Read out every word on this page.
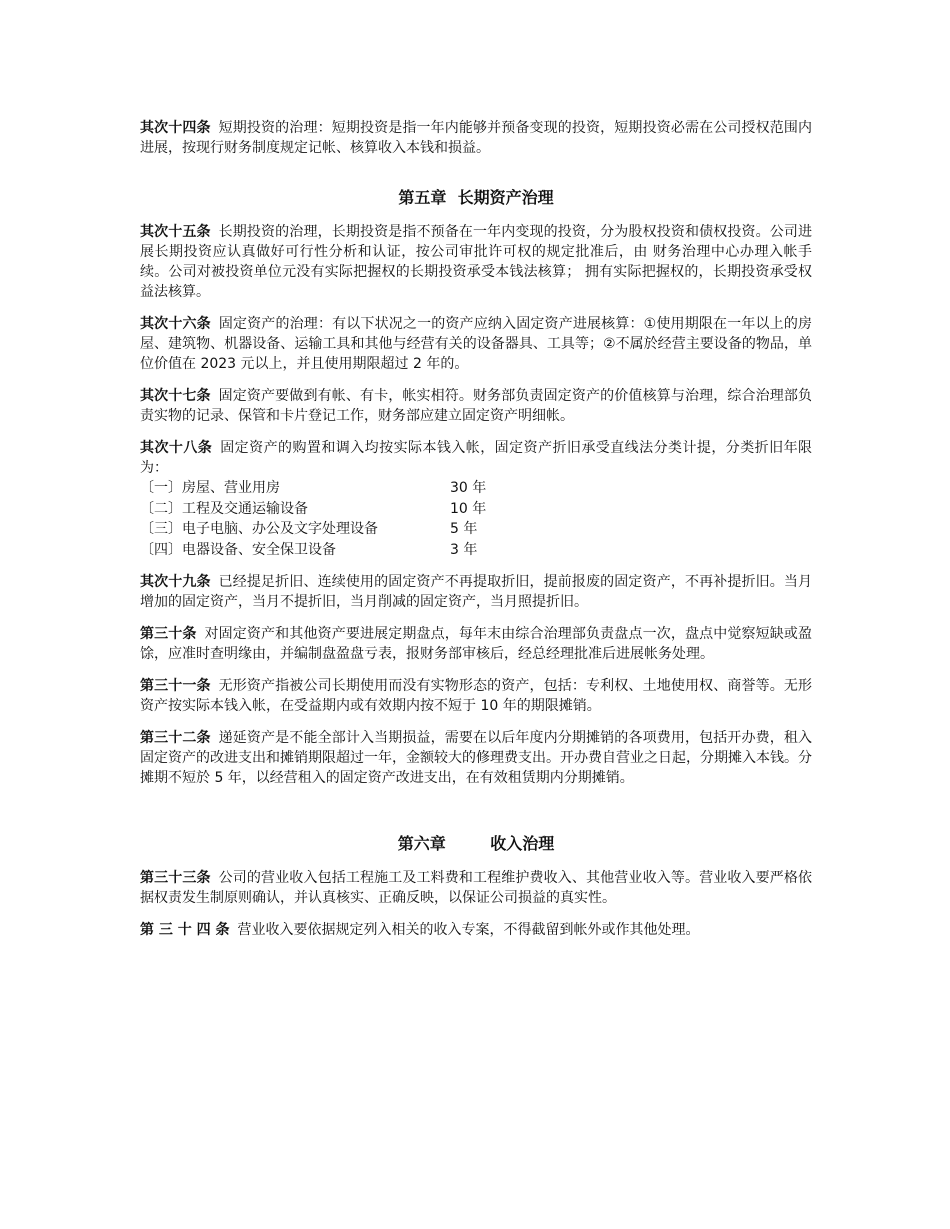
其次十四条 短期投资的治理：短期投资是指一年内能够并预备变现的投资，短期投资必需在公司授权范围内进展，按现行财务制度规定记帐、核算收入本钱和损益。

第五章  长期资产治理

其次十五条 长期投资的治理，长期投资是指不预备在一年内变现的投资，分为股权投资和债权投资。公司进展长期投资应认真做好可行性分析和认证，按公司审批许可权的规定批准后，由 财务治理中心办理入帐手续。公司对被投资单位元没有实际把握权的长期投资承受本钱法核算； 拥有实际把握权的，长期投资承受权益法核算。

其次十六条 固定资产的治理：有以下状况之一的资产应纳入固定资产进展核算：①使用期限在一年以上的房屋、建筑物、机器设备、运输工具和其他与经营有关的设备器具、工具等；②不属於经营主要设备的物品，单位价值在 2023 元以上，并且使用期限超过 2 年的。

其次十七条 固定资产要做到有帐、有卡，帐实相符。财务部负责固定资产的价值核算与治理，综合治理部负责实物的记录、保管和卡片登记工作，财务部应建立固定资产明细帐。

其次十八条 固定资产的购置和调入均按实际本钱入帐，固定资产折旧承受直线法分类计提，分类折旧年限为：
〔一〕房屋、营业用房	30 年
〔二〕工程及交通运输设备	10 年
〔三〕电子电脑、办公及文字处理设备	5 年
〔四〕电器设备、安全保卫设备	3 年

其次十九条 已经提足折旧、连续使用的固定资产不再提取折旧，提前报废的固定资产，不再补提折旧。当月增加的固定资产，当月不提折旧，当月削减的固定资产，当月照提折旧。

第三十条 对固定资产和其他资产要进展定期盘点，每年末由综合治理部负责盘点一次，盘点中觉察短缺或盈馀，应准时查明缘由，并编制盘盈盘亏表，报财务部审核后，经总经理批准后进展帐务处理。

第三十一条 无形资产指被公司长期使用而没有实物形态的资产，包括：专利权、土地使用权、商誉等。无形资产按实际本钱入帐，在受益期内或有效期内按不短于 10 年的期限摊销。

第三十二条 递延资产是不能全部计入当期损益，需要在以后年度内分期摊销的各项费用，包括开办费，租入固定资产的改进支出和摊销期限超过一年，金额较大的修理费支出。开办费自营业之日起，分期摊入本钱。分摊期不短於 5 年，以经营租入的固定资产改进支出，在有效租赁期内分期摊销。

第六章        收入治理

第三十三条 公司的营业收入包括工程施工及工料费和工程维护费收入、其他营业收入等。营业收入要严格依据权责发生制原则确认，并认真核实、正确反映，以保证公司损益的真实性。

第 三 十 四 条 营业收入要依据规定列入相关的收入专案，不得截留到帐外或作其他处理。
